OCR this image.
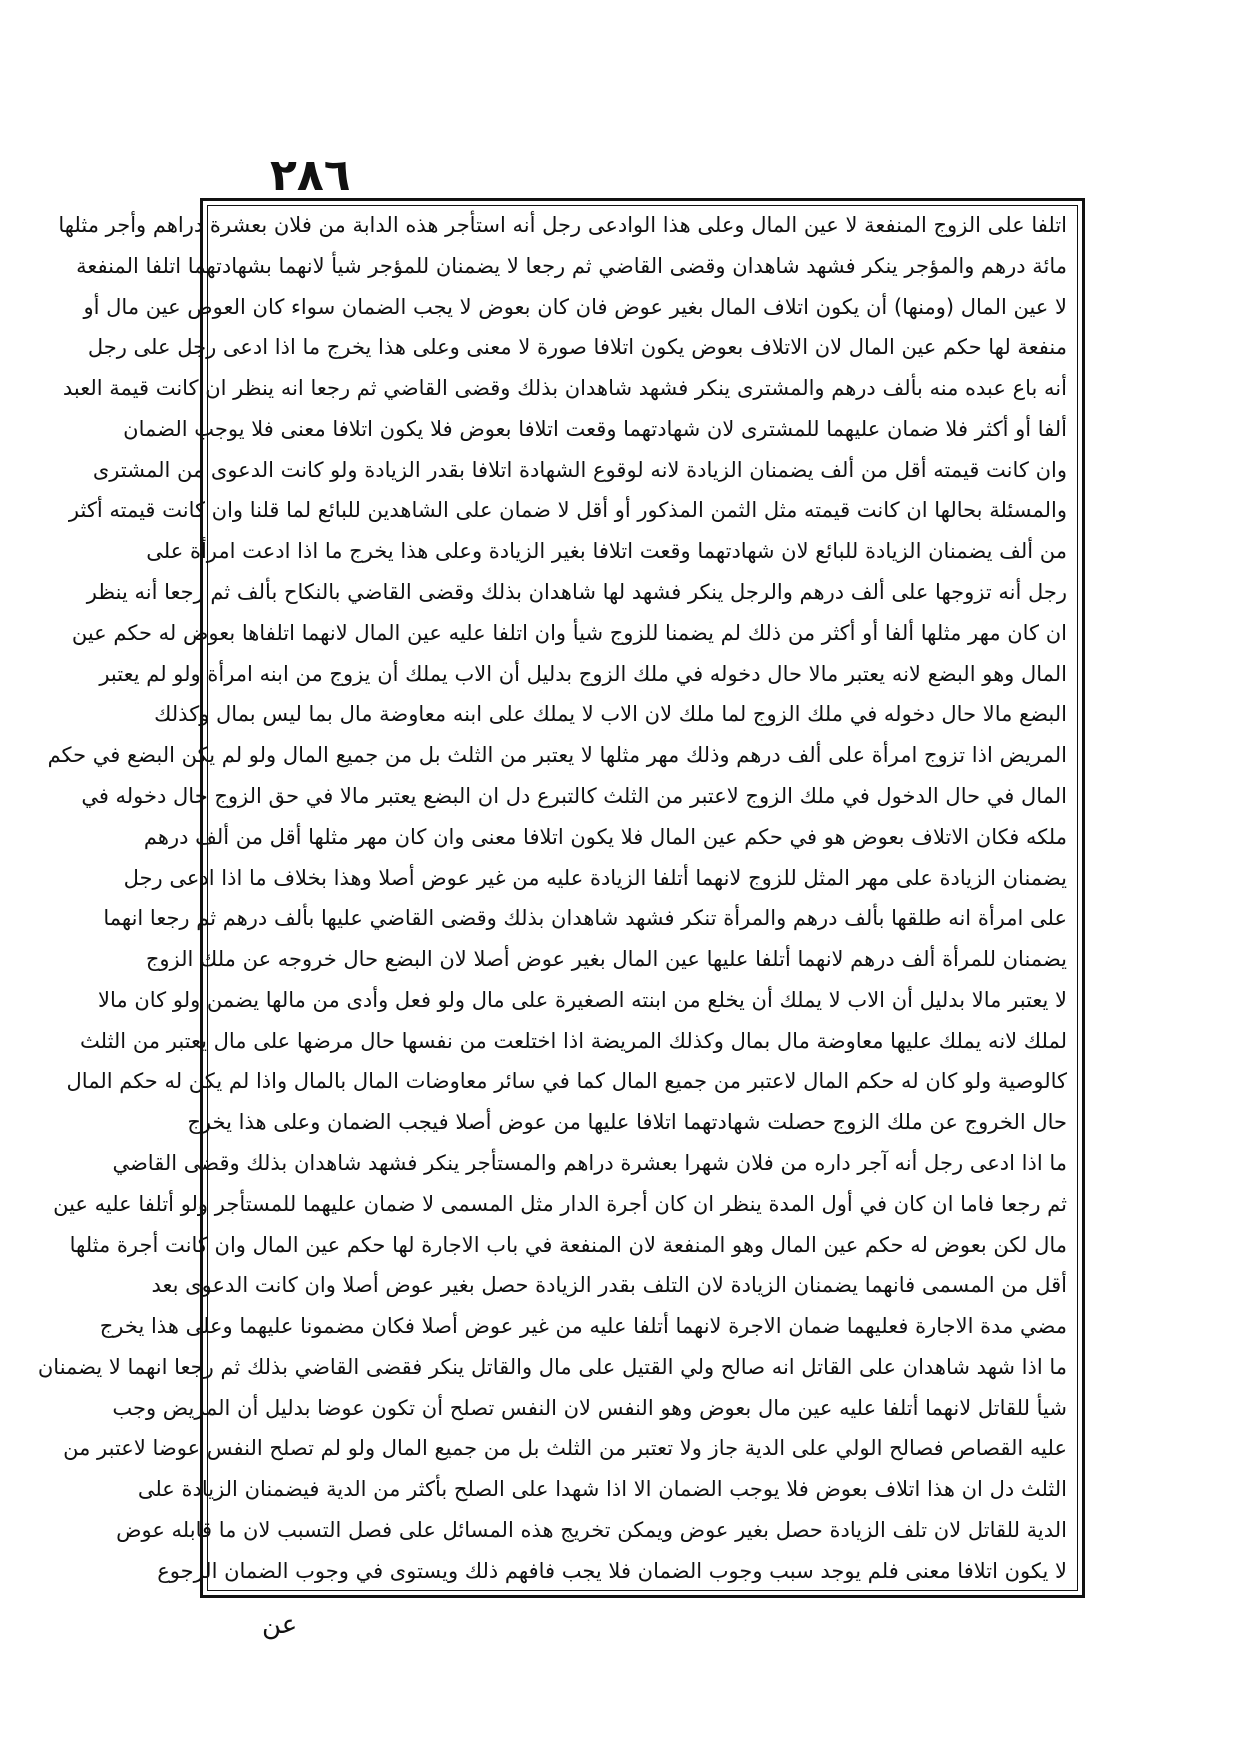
٢٨٦
اتلفا على الزوج المنفعة لا عين المال وعلى هذا الوادعى رجل أنه استأجر هذه الدابة من فلان بعشرة دراهم وأجر مثلها
مائة درهم والمؤجر ينكر فشهد شاهدان وقضى القاضي ثم رجعا لا يضمنان للمؤجر شيأ لانهما بشهادتهما اتلفا المنفعة
لا عين المال (ومنها) أن يكون اتلاف المال بغير عوض فان كان بعوض لا يجب الضمان سواء كان العوض عين مال أو
منفعة لها حكم عين المال لان الاتلاف بعوض يكون اتلافا صورة لا معنى وعلى هذا يخرج ما اذا ادعى رجل على رجل
أنه باع عبده منه بألف درهم والمشترى ينكر فشهد شاهدان بذلك وقضى القاضي ثم رجعا انه ينظر ان كانت قيمة العبد
ألفا أو أكثر فلا ضمان عليهما للمشترى لان شهادتهما وقعت اتلافا بعوض فلا يكون اتلافا معنى فلا يوجب الضمان
وان كانت قيمته أقل من ألف يضمنان الزيادة لانه لوقوع الشهادة اتلافا بقدر الزيادة ولو كانت الدعوى من المشترى
والمسئلة بحالها ان كانت قيمته مثل الثمن المذكور أو أقل لا ضمان على الشاهدين للبائع لما قلنا وان كانت قيمته أكثر
من ألف يضمنان الزيادة للبائع لان شهادتهما وقعت اتلافا بغير الزيادة وعلى هذا يخرج ما اذا ادعت امرأة على
رجل أنه تزوجها على ألف درهم والرجل ينكر فشهد لها شاهدان بذلك وقضى القاضي بالنكاح بألف ثم رجعا أنه ينظر
ان كان مهر مثلها ألفا أو أكثر من ذلك لم يضمنا للزوج شيأ وان اتلفا عليه عين المال لانهما اتلفاها بعوض له حكم عين
المال وهو البضع لانه يعتبر مالا حال دخوله في ملك الزوج بدليل أن الاب يملك أن يزوج من ابنه امرأة ولو لم يعتبر
البضع مالا حال دخوله في ملك الزوج لما ملك لان الاب لا يملك على ابنه معاوضة مال بما ليس بمال وكذلك
المريض اذا تزوج امرأة على ألف درهم وذلك مهر مثلها لا يعتبر من الثلث بل من جميع المال ولو لم يكن البضع في حكم
المال في حال الدخول في ملك الزوج لاعتبر من الثلث كالتبرع دل ان البضع يعتبر مالا في حق الزوج حال دخوله في
ملكه فكان الاتلاف بعوض هو في حكم عين المال فلا يكون اتلافا معنى وان كان مهر مثلها أقل من ألف درهم
يضمنان الزيادة على مهر المثل للزوج لانهما أتلفا الزيادة عليه من غير عوض أصلا وهذا بخلاف ما اذا ادعى رجل
على امرأة انه طلقها بألف درهم والمرأة تنكر فشهد شاهدان بذلك وقضى القاضي عليها بألف درهم ثم رجعا انهما
يضمنان للمرأة ألف درهم لانهما أتلفا عليها عين المال بغير عوض أصلا لان البضع حال خروجه عن ملك الزوج
لا يعتبر مالا بدليل أن الاب لا يملك أن يخلع من ابنته الصغيرة على مال ولو فعل وأدى من مالها يضمن ولو كان مالا
لملك لانه يملك عليها معاوضة مال بمال وكذلك المريضة اذا اختلعت من نفسها حال مرضها على مال يعتبر من الثلث
كالوصية ولو كان له حكم المال لاعتبر من جميع المال كما في سائر معاوضات المال بالمال واذا لم يكن له حكم المال
حال الخروج عن ملك الزوج حصلت شهادتهما اتلافا عليها من عوض أصلا فيجب الضمان وعلى هذا يخرج
ما اذا ادعى رجل أنه آجر داره من فلان شهرا بعشرة دراهم والمستأجر ينكر فشهد شاهدان بذلك وقضى القاضي
ثم رجعا فاما ان كان في أول المدة ينظر ان كان أجرة الدار مثل المسمى لا ضمان عليهما للمستأجر ولو أتلفا عليه عين
مال لكن بعوض له حكم عين المال وهو المنفعة لان المنفعة في باب الاجارة لها حكم عين المال وان كانت أجرة مثلها
أقل من المسمى فانهما يضمنان الزيادة لان التلف بقدر الزيادة حصل بغير عوض أصلا وان كانت الدعوى بعد
مضي مدة الاجارة فعليهما ضمان الاجرة لانهما أتلفا عليه من غير عوض أصلا فكان مضمونا عليهما وعلى هذا يخرج
ما اذا شهد شاهدان على القاتل انه صالح ولي القتيل على مال والقاتل ينكر فقضى القاضي بذلك ثم رجعا انهما لا يضمنان
شيأ للقاتل لانهما أتلفا عليه عين مال بعوض وهو النفس لان النفس تصلح أن تكون عوضا بدليل أن المريض وجب
عليه القصاص فصالح الولي على الدية جاز ولا تعتبر من الثلث بل من جميع المال ولو لم تصلح النفس عوضا لاعتبر من
الثلث دل ان هذا اتلاف بعوض فلا يوجب الضمان الا اذا شهدا على الصلح بأكثر من الدية فيضمنان الزيادة على
الدية للقاتل لان تلف الزيادة حصل بغير عوض ويمكن تخريج هذه المسائل على فصل التسبب لان ما قابله عوض
لا يكون اتلافا معنى فلم يوجد سبب وجوب الضمان فلا يجب فافهم ذلك ويستوى في وجوب الضمان الرجوع
عن
